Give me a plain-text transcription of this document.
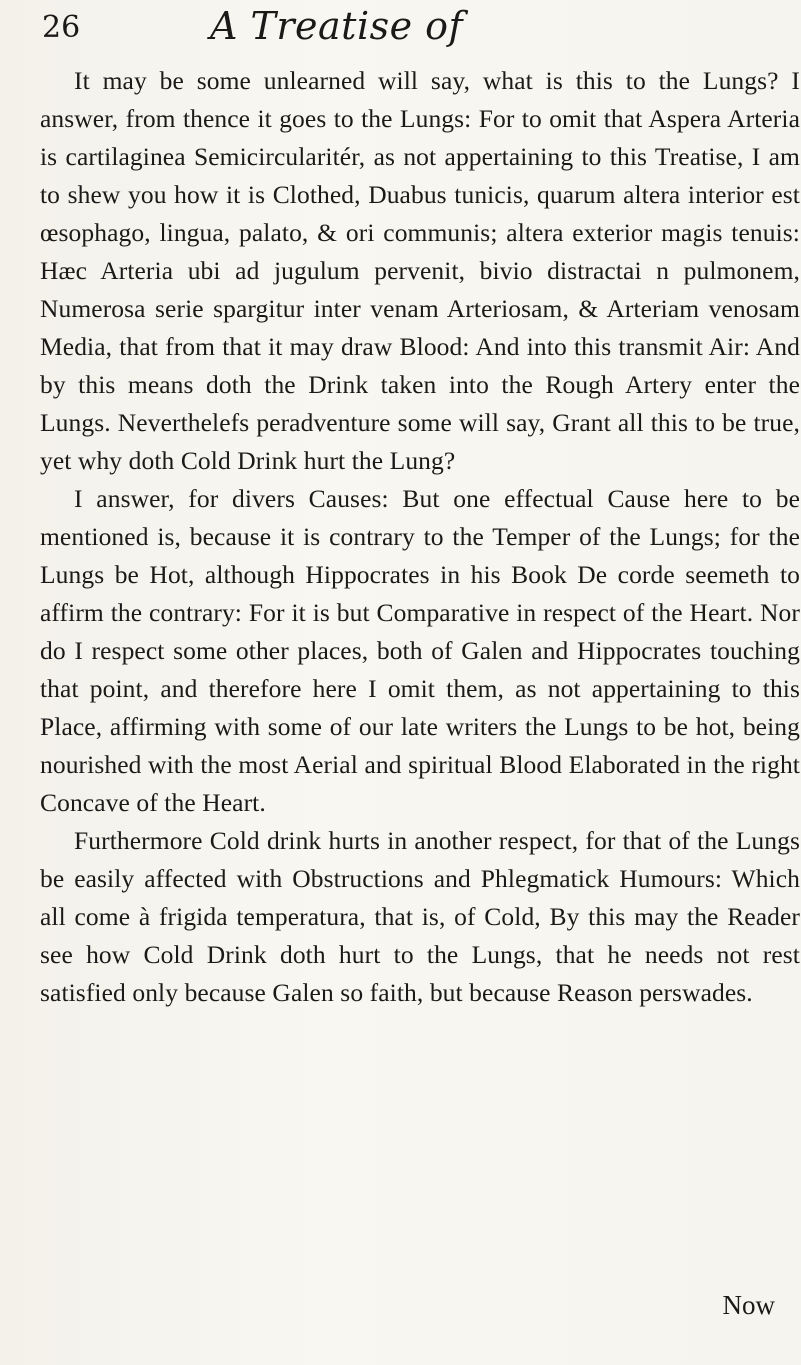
26	A Treatise of

It may be some unlearned will say, what is this to the Lungs? I answer, from thence it goes to the Lungs: For to omit that Aspera Arteria is cartilaginea Semicircularitér, as not appertaining to this Treatise, I am to shew you how it is Clothed, Duabus tunicis, quarum altera interior est œsophago, lingua, palato, & ori communis; altera exterior magis tenuis: Hæc Arteria ubi ad jugulum pervenit, bivio distractai n pulmonem, Numerosa serie spargitur inter venam Arteriosam, & Arteriam venosam Media, that from that it may draw Blood: And into this transmit Air: And by this means doth the Drink taken into the Rough Artery enter the Lungs. Neverthelefs peradventure some will say, Grant all this to be true, yet why doth Cold Drink hurt the Lung?

I answer, for divers Causes: But one effectual Cause here to be mentioned is, because it is contrary to the Temper of the Lungs; for the Lungs be Hot, although Hippocrates in his Book De corde seemeth to affirm the contrary: For it is but Comparative in respect of the Heart. Nor do I respect some other places, both of Galen and Hippocrates touching that point, and therefore here I omit them, as not appertaining to this Place, affirming with some of our late writers the Lungs to be hot, being nourished with the most Aerial and spiritual Blood Elaborated in the right Concave of the Heart.

Furthermore Cold drink hurts in another respect, for that of the Lungs be easily affected with Obstructions and Phlegmatick Humours: Which all come à frigida temperatura, that is, of Cold, By this may the Reader see how Cold Drink doth hurt to the Lungs, that he needs not rest satisfied only because Galen so faith, but because Reason perswades.

Now
